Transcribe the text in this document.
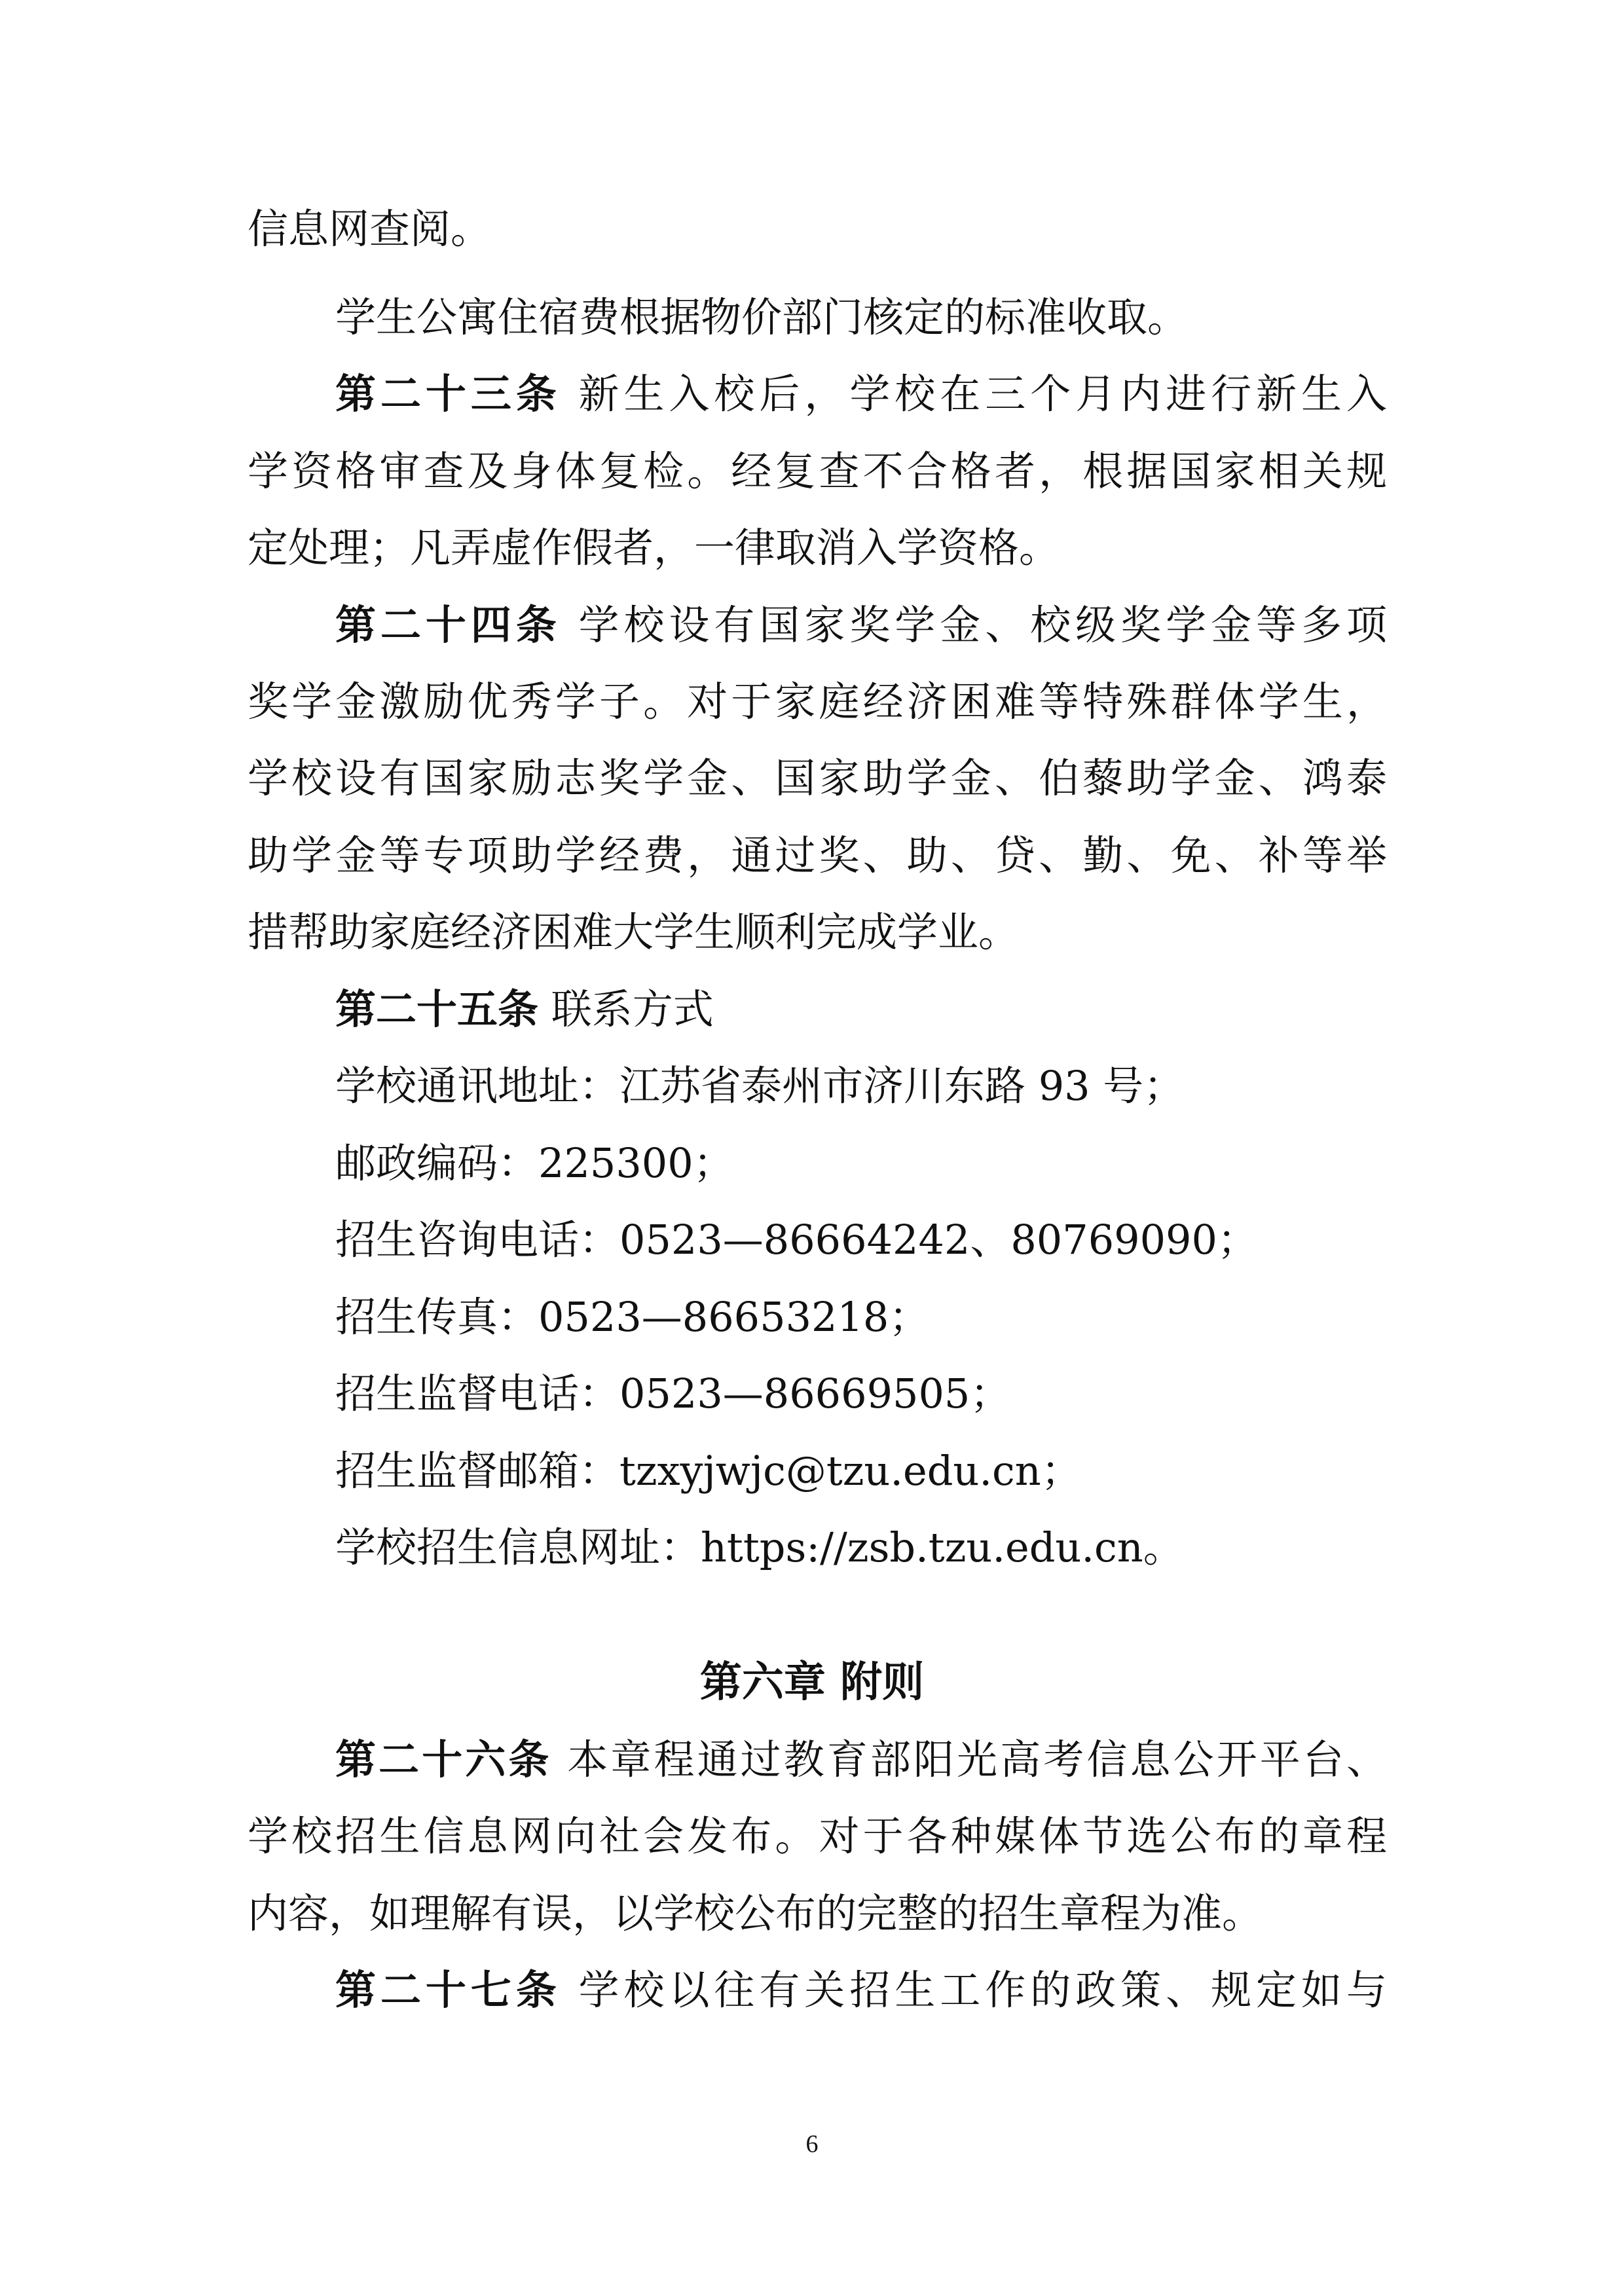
信息网查阅。
学生公寓住宿费根据物价部门核定的标准收取。
第二十三条 新生入校后，学校在三个月内进行新生入
学资格审查及身体复检。经复查不合格者，根据国家相关规
定处理；凡弄虚作假者，一律取消入学资格。
第二十四条 学校设有国家奖学金、校级奖学金等多项
奖学金激励优秀学子。对于家庭经济困难等特殊群体学生，
学校设有国家励志奖学金、国家助学金、伯藜助学金、鸿泰
助学金等专项助学经费，通过奖、助、贷、勤、免、补等举
措帮助家庭经济困难大学生顺利完成学业。
第二十五条 联系方式
学校通讯地址：江苏省泰州市济川东路 93 号；
邮政编码：225300；
招生咨询电话：0523—86664242、80769090；
招生传真：0523—86653218；
招生监督电话：0523—86669505；
招生监督邮箱：tzxyjwjc@tzu.edu.cn；
学校招生信息网址：https://zsb.tzu.edu.cn。
第六章 附则
第二十六条 本章程通过教育部阳光高考信息公开平台、
学校招生信息网向社会发布。对于各种媒体节选公布的章程
内容，如理解有误，以学校公布的完整的招生章程为准。
第二十七条 学校以往有关招生工作的政策、规定如与
6
